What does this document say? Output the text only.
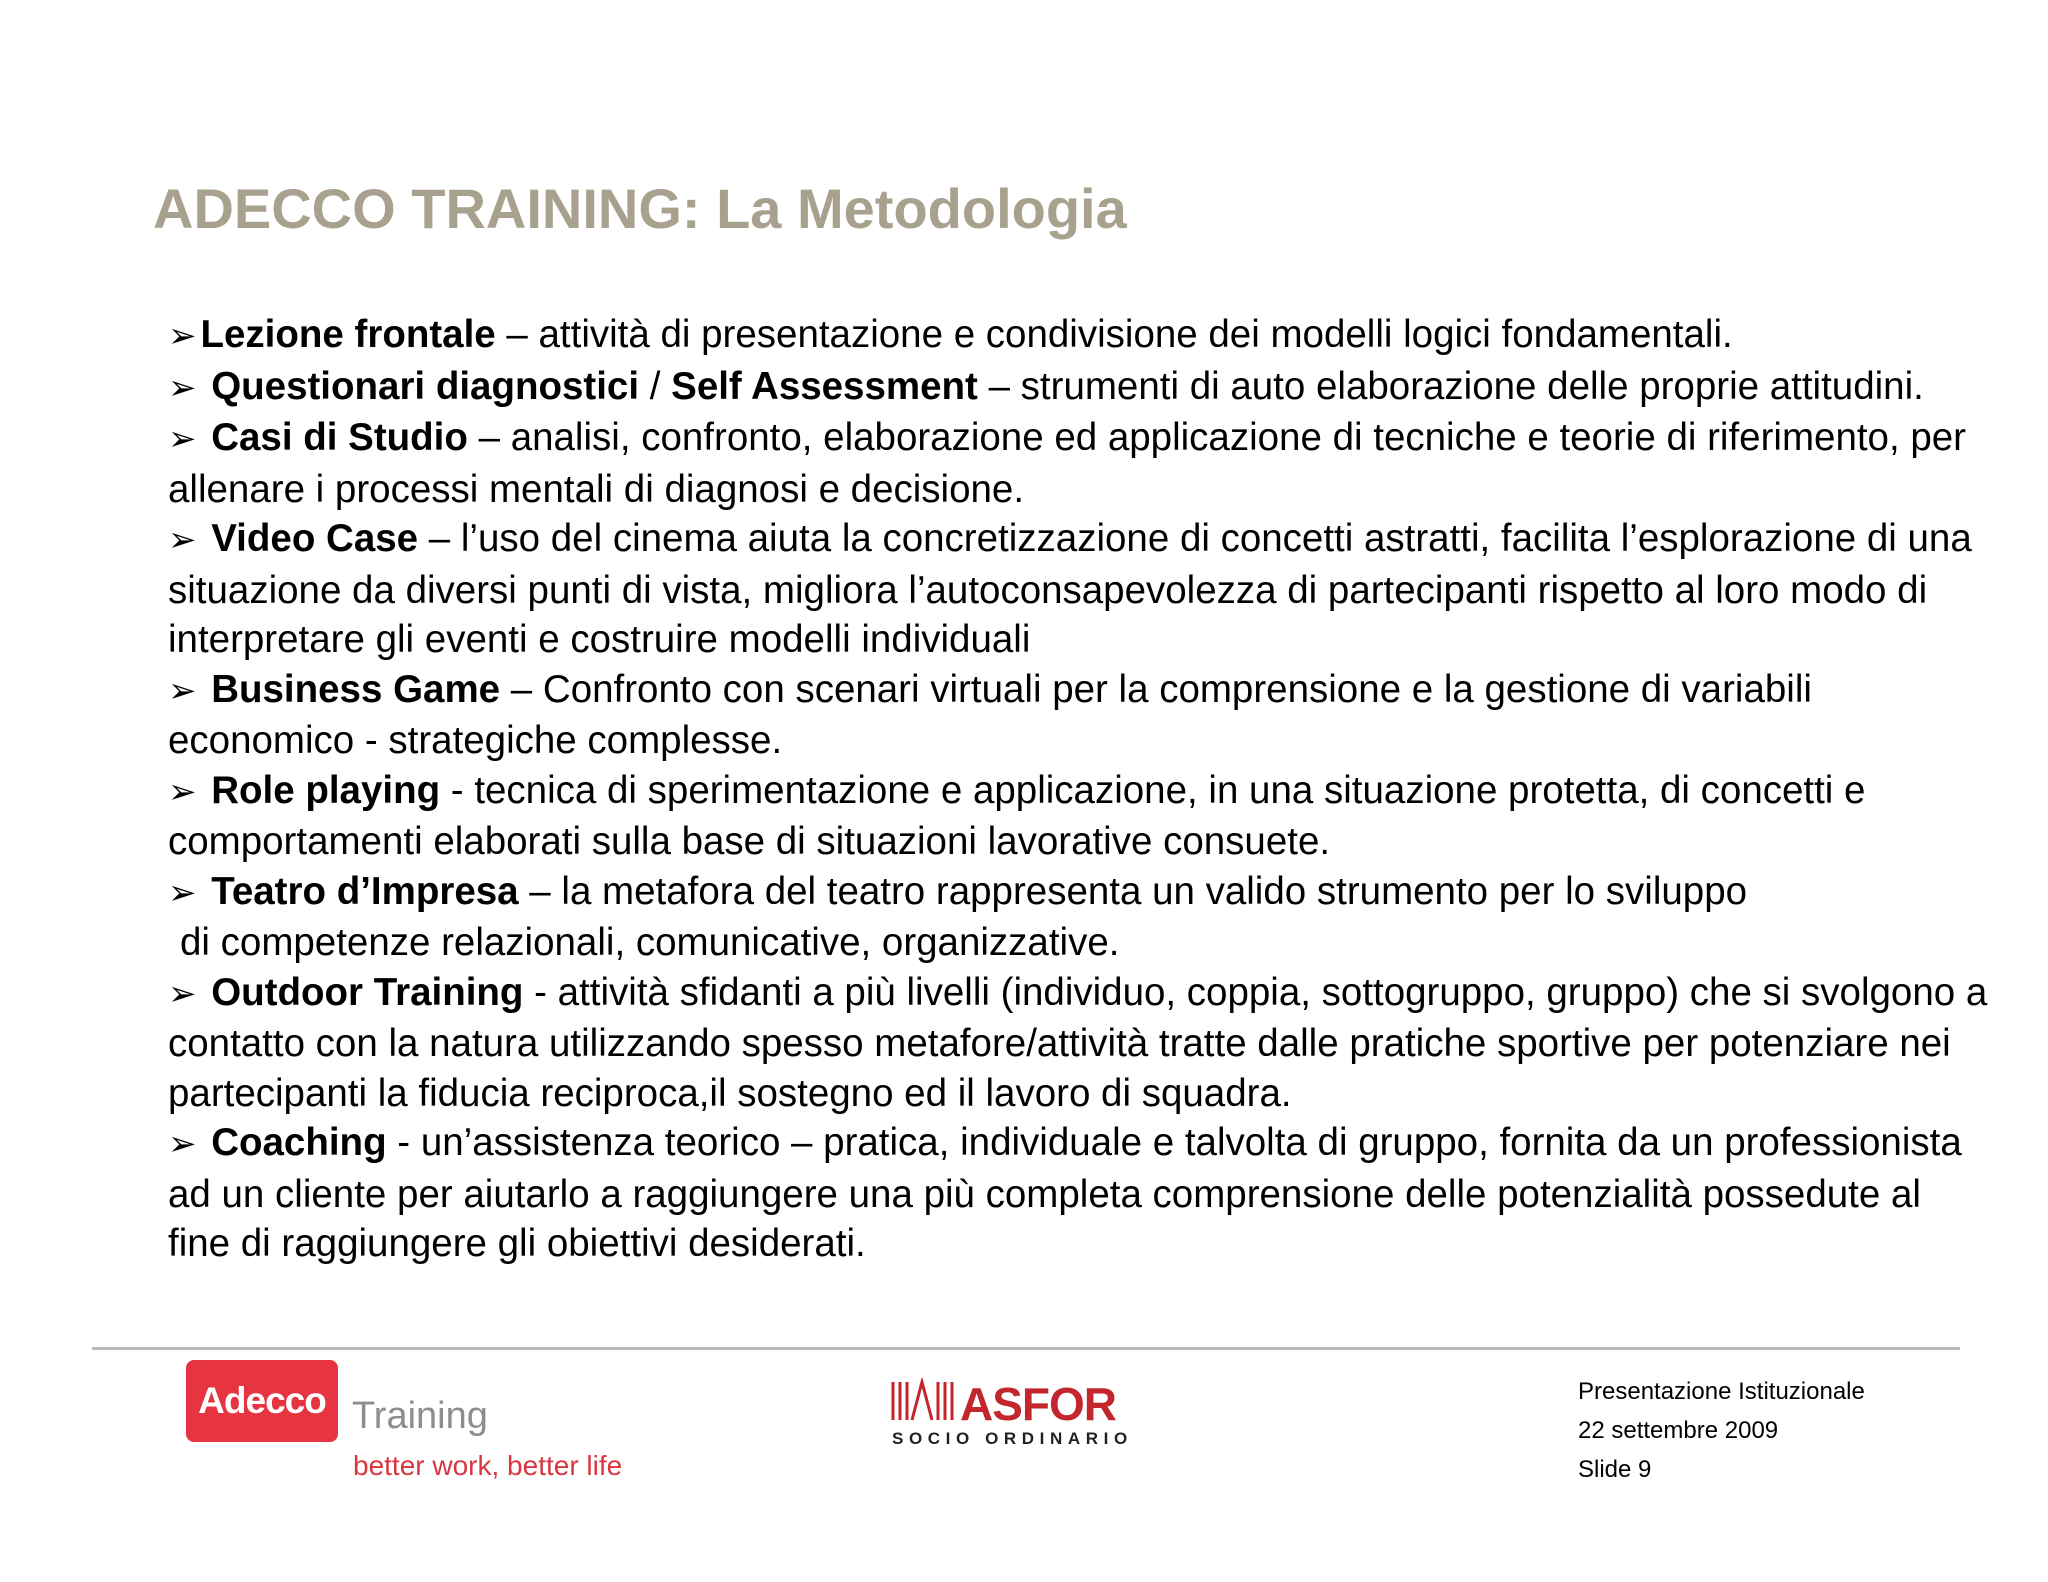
ADECCO TRAINING: La Metodologia

➢ Lezione frontale – attività di presentazione e condivisione dei modelli logici fondamentali.

➢ Questionari diagnostici / Self Assessment – strumenti di auto elaborazione delle proprie attitudini.

➢ Casi di Studio – analisi, confronto, elaborazione ed applicazione di tecniche e teorie di riferimento, per allenare i processi mentali di diagnosi e decisione.

➢ Video Case – l’uso del cinema aiuta la concretizzazione di concetti astratti, facilita l’esplorazione di una situazione da diversi punti di vista, migliora l’autoconsapevolezza di partecipanti rispetto al loro modo di interpretare gli eventi e costruire modelli individuali

➢ Business Game – Confronto con scenari virtuali per la comprensione e la gestione di variabili economico - strategiche complesse.

➢ Role playing - tecnica di sperimentazione e applicazione, in una situazione protetta, di concetti e comportamenti elaborati sulla base di situazioni lavorative consuete.

➢ Teatro d’Impresa – la metafora del teatro rappresenta un valido strumento per lo sviluppo
di competenze relazionali, comunicative, organizzative.

➢ Outdoor Training - attività sfidanti a più livelli (individuo, coppia, sottogruppo, gruppo) che si svolgono a contatto con la natura utilizzando spesso metafore/attività tratte dalle pratiche sportive per potenziare nei partecipanti la fiducia reciproca,il sostegno ed il lavoro di squadra.

➢ Coaching - un’assistenza teorico – pratica, individuale e talvolta di gruppo, fornita da un professionista ad un cliente per aiutarlo a raggiungere una più completa comprensione delle potenzialità possedute al fine di raggiungere gli obiettivi desiderati.

Adecco Training
better work, better life
ASFOR
SOCIO ORDINARIO
Presentazione Istituzionale
22 settembre 2009
Slide 9
